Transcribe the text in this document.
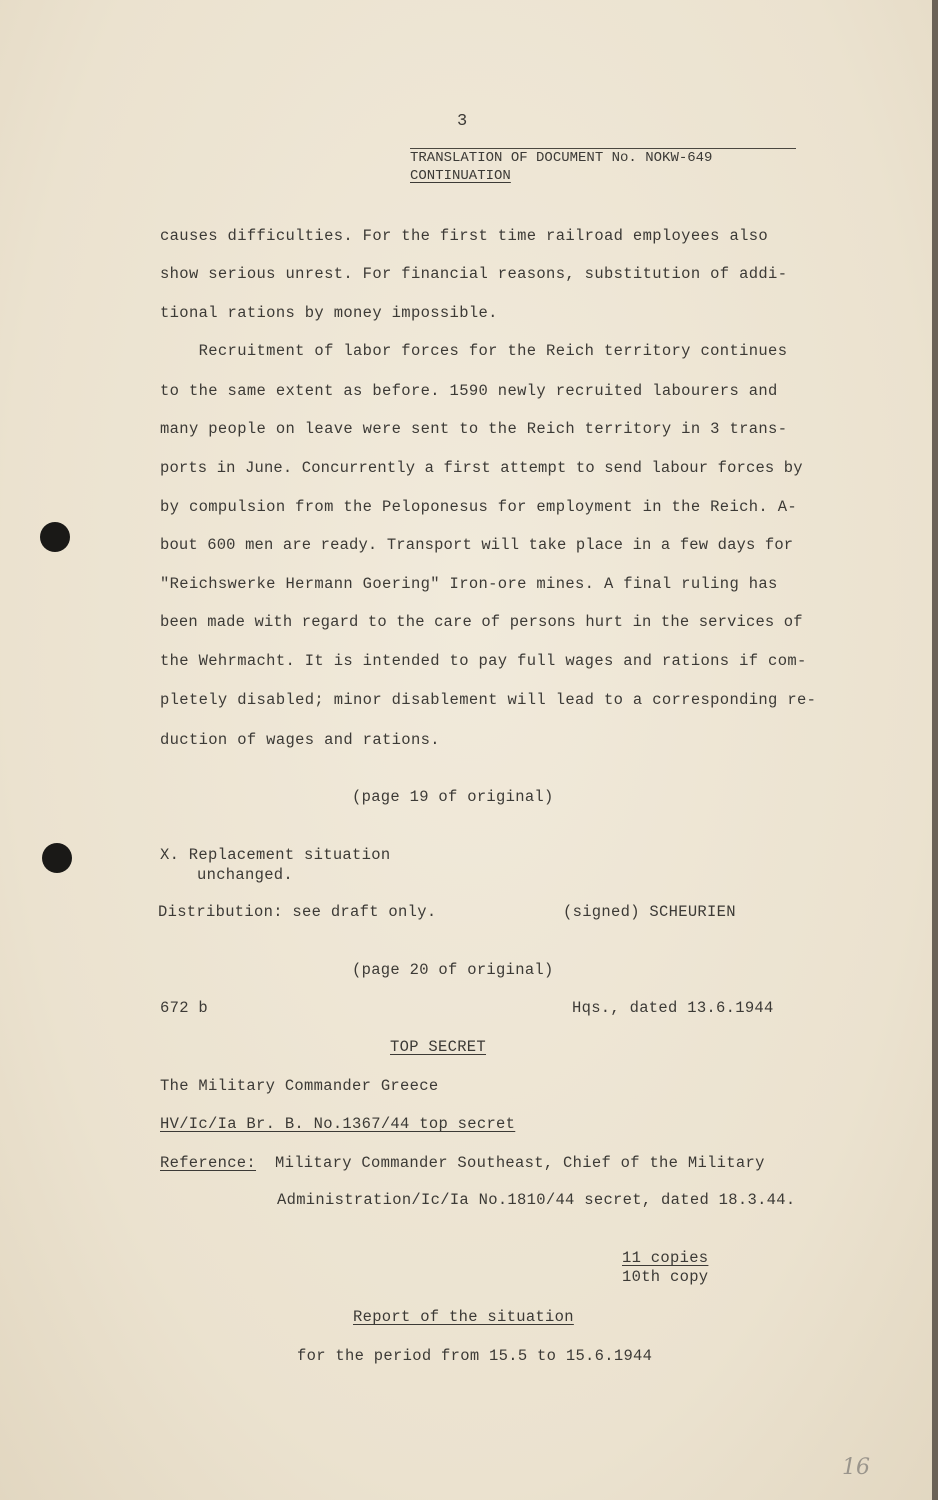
3
TRANSLATION OF DOCUMENT No. NOKW-649
CONTINUATION
causes difficulties. For the first time railroad employees also
show serious unrest. For financial reasons, substitution of addi-
tional rations by money impossible.
Recruitment of labor forces for the Reich territory continues
to the same extent as before. 1590 newly recruited labourers and
many people on leave were sent to the Reich territory in 3 trans-
ports in June. Concurrently a first attempt to send labour forces by
by compulsion from the Peloponesus for employment in the Reich. A-
bout 600 men are ready. Transport will take place in a few days for
"Reichswerke Hermann Goering" Iron-ore mines. A final ruling has
been made with regard to the care of persons hurt in the services of
the Wehrmacht. It is intended to pay full wages and rations if com-
pletely disabled; minor disablement will lead to a corresponding re-
duction of wages and rations.
(page 19 of original)
X. Replacement situation
unchanged.
Distribution: see draft only.	(signed) SCHEURIEN
(page 20 of original)
672 b	Hqs., dated 13.6.1944
TOP SECRET
The Military Commander Greece
HV/Ic/Ia Br. B. No.1367/44 top secret
Reference: Military Commander Southeast, Chief of the Military
Administration/Ic/Ia No.1810/44 secret, dated 18.3.44.
11 copies
10th copy
Report of the situation
for the period from 15.5 to 15.6.1944
16
